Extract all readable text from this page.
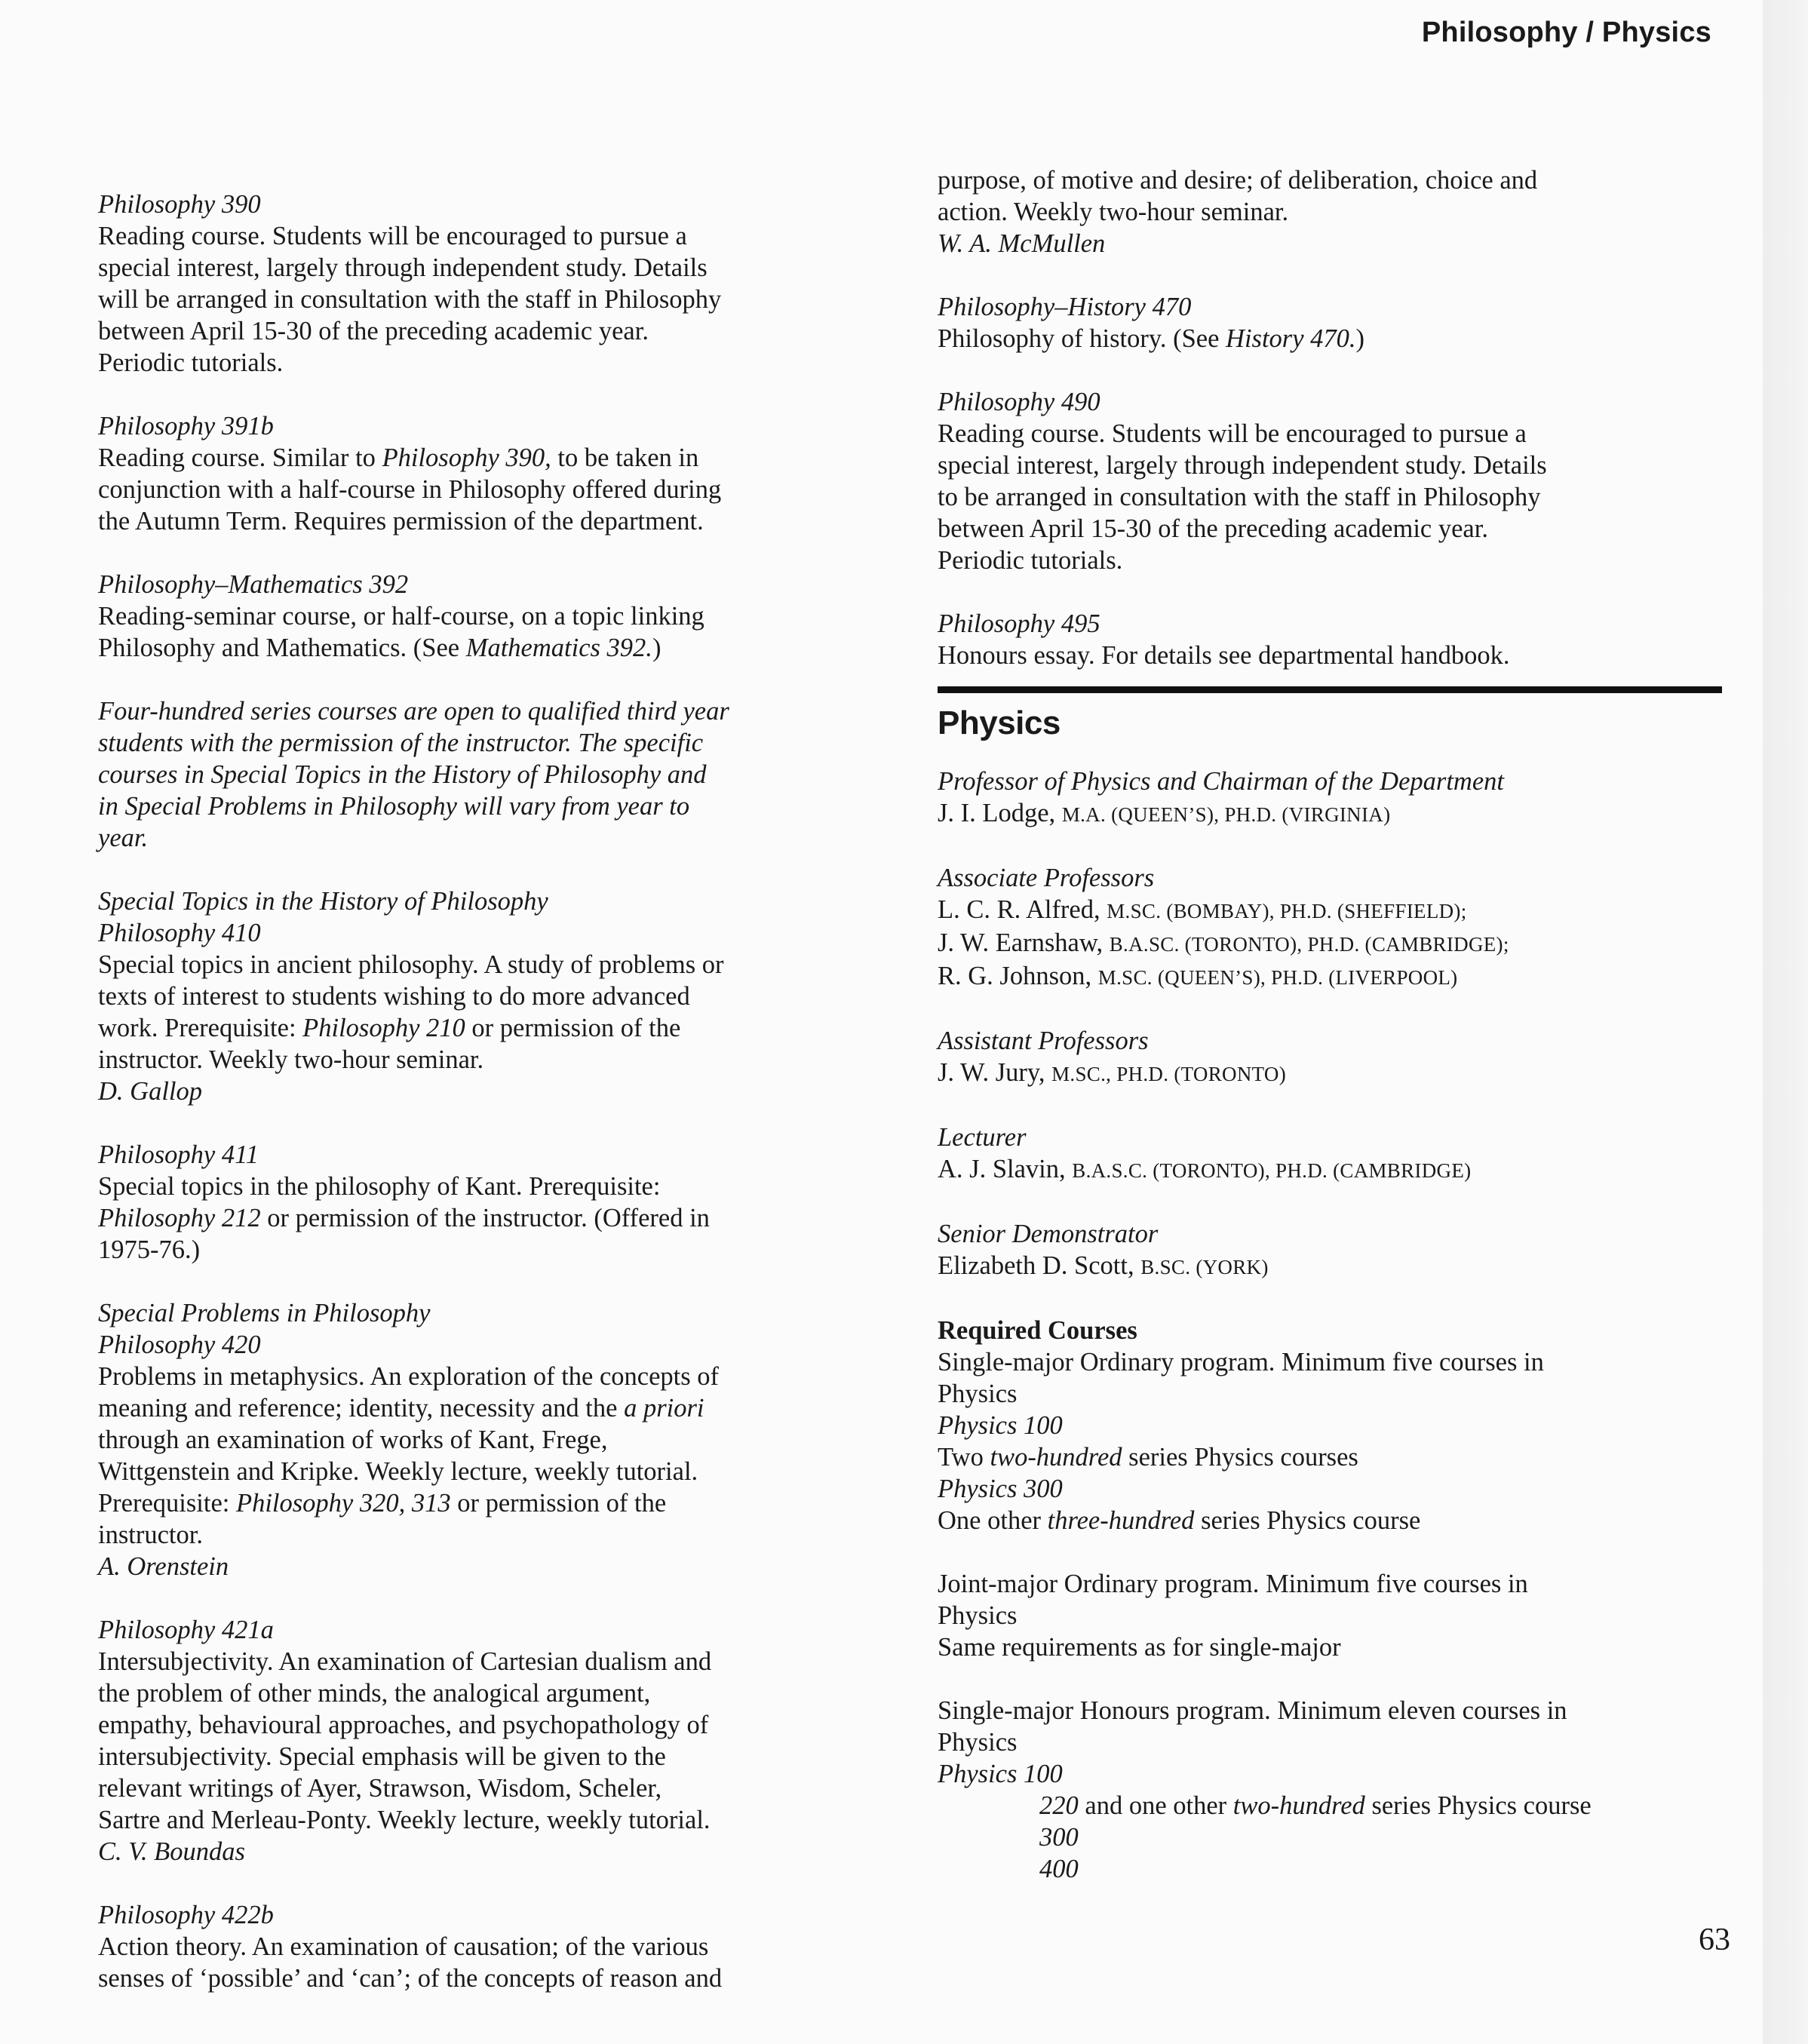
Philosophy / Physics

Philosophy 390

Reading course. Students will be encouraged to pursue a

special interest, largely through independent study. Details

will be arranged in consultation with the staff in Philosophy

between April 15-30 of the preceding academic year.

Periodic tutorials.

Philosophy 391b

Reading course. Similar to Philosophy 390, to be taken in

conjunction with a half-course in Philosophy offered during

the Autumn Term. Requires permission of the department.

Philosophy–Mathematics 392

Reading-seminar course, or half-course, on a topic linking

Philosophy and Mathematics. (See Mathematics 392.)

Four-hundred series courses are open to qualified third year

students with the permission of the instructor. The specific

courses in Special Topics in the History of Philosophy and

in Special Problems in Philosophy will vary from year to

year.

Special Topics in the History of Philosophy

Philosophy 410

Special topics in ancient philosophy. A study of problems or

texts of interest to students wishing to do more advanced

work. Prerequisite: Philosophy 210 or permission of the

instructor. Weekly two-hour seminar.

D. Gallop

Philosophy 411

Special topics in the philosophy of Kant. Prerequisite:

Philosophy 212 or permission of the instructor. (Offered in

1975-76.)

Special Problems in Philosophy

Philosophy 420

Problems in metaphysics. An exploration of the concepts of

meaning and reference; identity, necessity and the a priori

through an examination of works of Kant, Frege,

Wittgenstein and Kripke. Weekly lecture, weekly tutorial.

Prerequisite: Philosophy 320, 313 or permission of the

instructor.

A. Orenstein

Philosophy 421a

Intersubjectivity. An examination of Cartesian dualism and

the problem of other minds, the analogical argument,

empathy, behavioural approaches, and psychopathology of

intersubjectivity. Special emphasis will be given to the

relevant writings of Ayer, Strawson, Wisdom, Scheler,

Sartre and Merleau-Ponty. Weekly lecture, weekly tutorial.

C. V. Boundas

Philosophy 422b

Action theory. An examination of causation; of the various

senses of ‘possible’ and ‘can’; of the concepts of reason and

purpose, of motive and desire; of deliberation, choice and

action. Weekly two-hour seminar.

W. A. McMullen

Philosophy–History 470

Philosophy of history. (See History 470.)

Philosophy 490

Reading course. Students will be encouraged to pursue a

special interest, largely through independent study. Details

to be arranged in consultation with the staff in Philosophy

between April 15-30 of the preceding academic year.

Periodic tutorials.

Philosophy 495

Honours essay. For details see departmental handbook.

Physics

Professor of Physics and Chairman of the Department

J. I. Lodge, M.A. (QUEEN’S), PH.D. (VIRGINIA)

Associate Professors

L. C. R. Alfred, M.SC. (BOMBAY), PH.D. (SHEFFIELD);

J. W. Earnshaw, B.A.SC. (TORONTO), PH.D. (CAMBRIDGE);

R. G. Johnson, M.SC. (QUEEN’S), PH.D. (LIVERPOOL)

Assistant Professors

J. W. Jury, M.SC., PH.D. (TORONTO)

Lecturer

A. J. Slavin, B.A.S.C. (TORONTO), PH.D. (CAMBRIDGE)

Senior Demonstrator

Elizabeth D. Scott, B.SC. (YORK)

Required Courses

Single-major Ordinary program. Minimum five courses in

Physics

Physics 100

Two two-hundred series Physics courses

Physics 300

One other three-hundred series Physics course

Joint-major Ordinary program. Minimum five courses in

Physics

Same requirements as for single-major

Single-major Honours program. Minimum eleven courses in

Physics

Physics 100

220 and one other two-hundred series Physics course

300

400

63
